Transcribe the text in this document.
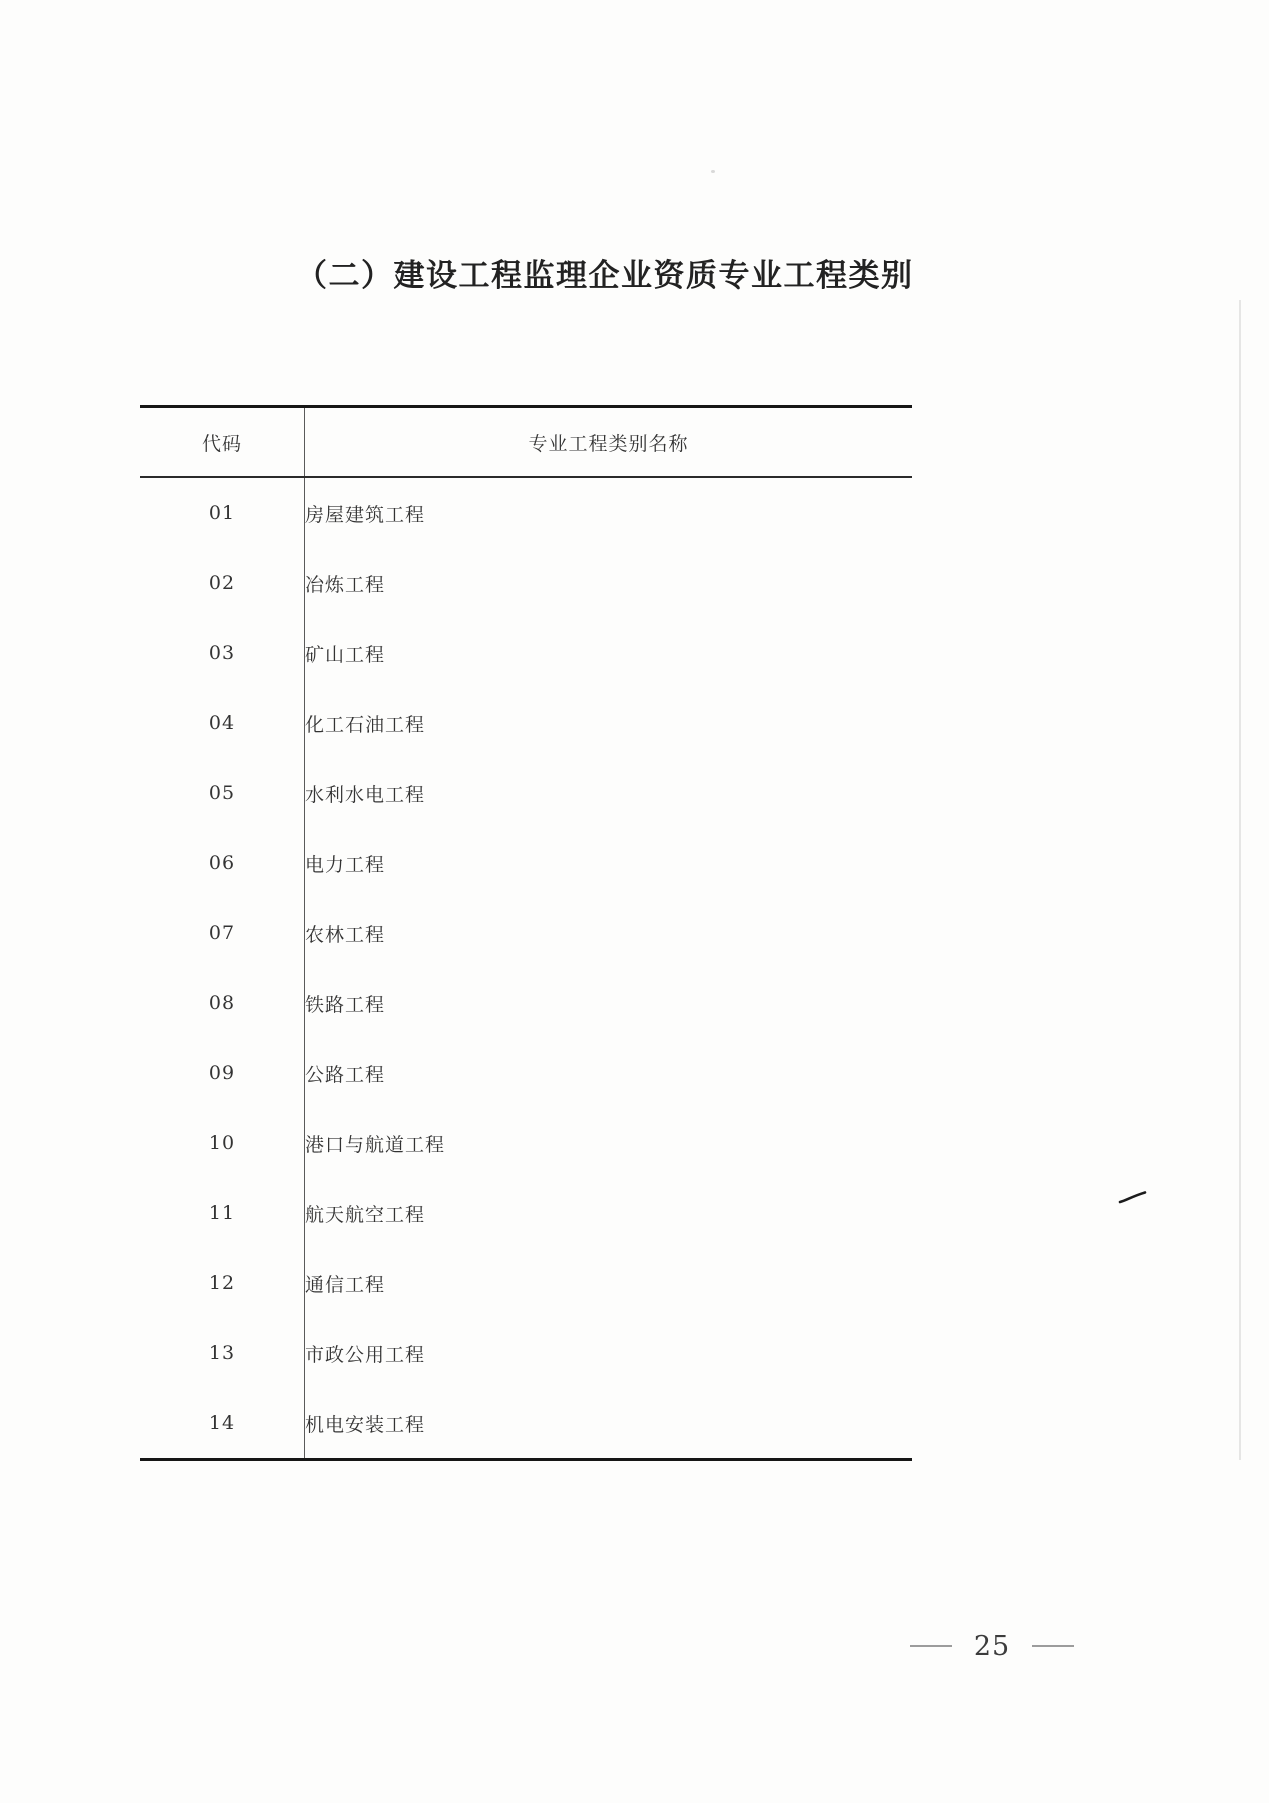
（二）建设工程监理企业资质专业工程类别
代码	专业工程类别名称
01	房屋建筑工程
02	冶炼工程
03	矿山工程
04	化工石油工程
05	水利水电工程
06	电力工程
07	农林工程
08	铁路工程
09	公路工程
10	港口与航道工程
11	航天航空工程
12	通信工程
13	市政公用工程
14	机电安装工程
25
